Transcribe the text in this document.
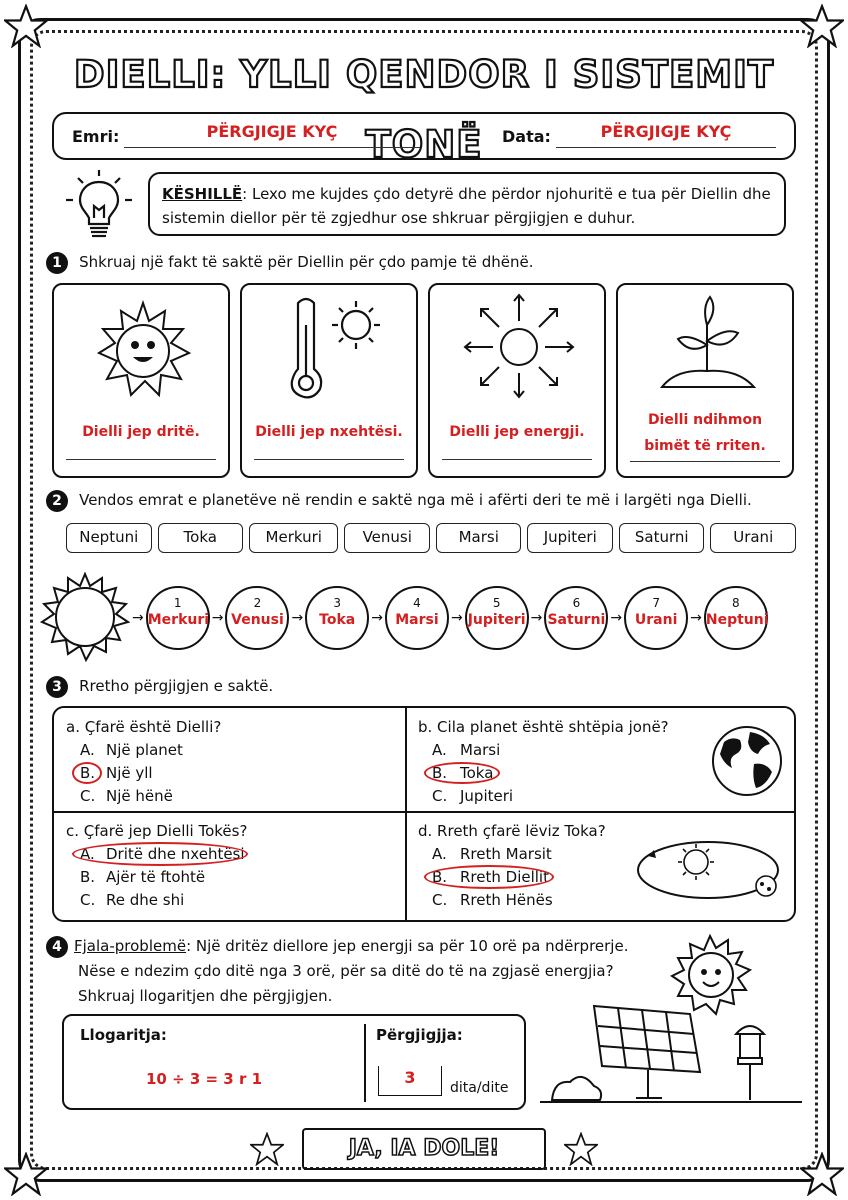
DIELLI: YLLI QENDOR I SISTEMIT TONË
Emri:	PËRGJIGJE KYÇ	Data:	PËRGJIGJE KYÇ
KËSHILLË: Lexo me kujdes çdo detyrë dhe përdor njohuritë e tua për Diellin dhe sistemin diellor për të zgjedhur ose shkruar përgjigjen e duhur.
1 Shkruaj një fakt të saktë për Diellin për çdo pamje të dhënë.
Dielli jep dritë.	Dielli jep nxehtësi.	Dielli jep energji.
Dielli ndihmon bimët të rriten.
2 Vendos emrat e planetëve në rendin e saktë nga më i afërti deri te më i largëti nga Dielli.
Neptuni	Toka	Merkuri	Venusi	Marsi	Jupiteri	Saturni	Urani
→
1
Merkuri →
2
Venusi →
3
Toka	→
4
Marsi →
5
Jupiteri →
6
Saturni →
7
Urani →
8
Neptuni
3 Rretho përgjigjen e saktë.
a. Çfarë është Dielli?
A. Një planet
B. Një yll
C. Një hënë
b. Cila planet është shtëpia jonë?
A. Marsi
B. Toka
C. Jupiteri
c. Çfarë jep Dielli Tokës?
A. Dritë dhe nxehtësi
B. Ajër të ftohtë
C. Re dhe shi
d. Rreth çfarë lëviz Toka?
A. Rreth Marsit
B. Rreth Diellit
C. Rreth Hënës
4 Fjala-problemë: Një dritëz diellore jep energji sa për 10 orë pa ndërprerje.
Nëse e ndezim çdo ditë nga 3 orë, për sa ditë do të na zgjasë energjia?
Shkruaj llogaritjen dhe përgjigjen.
Llogaritja:
10 ÷ 3 = 3 r 1
Përgjigjja:
3
dita/dite
JA, IA DOLE!
